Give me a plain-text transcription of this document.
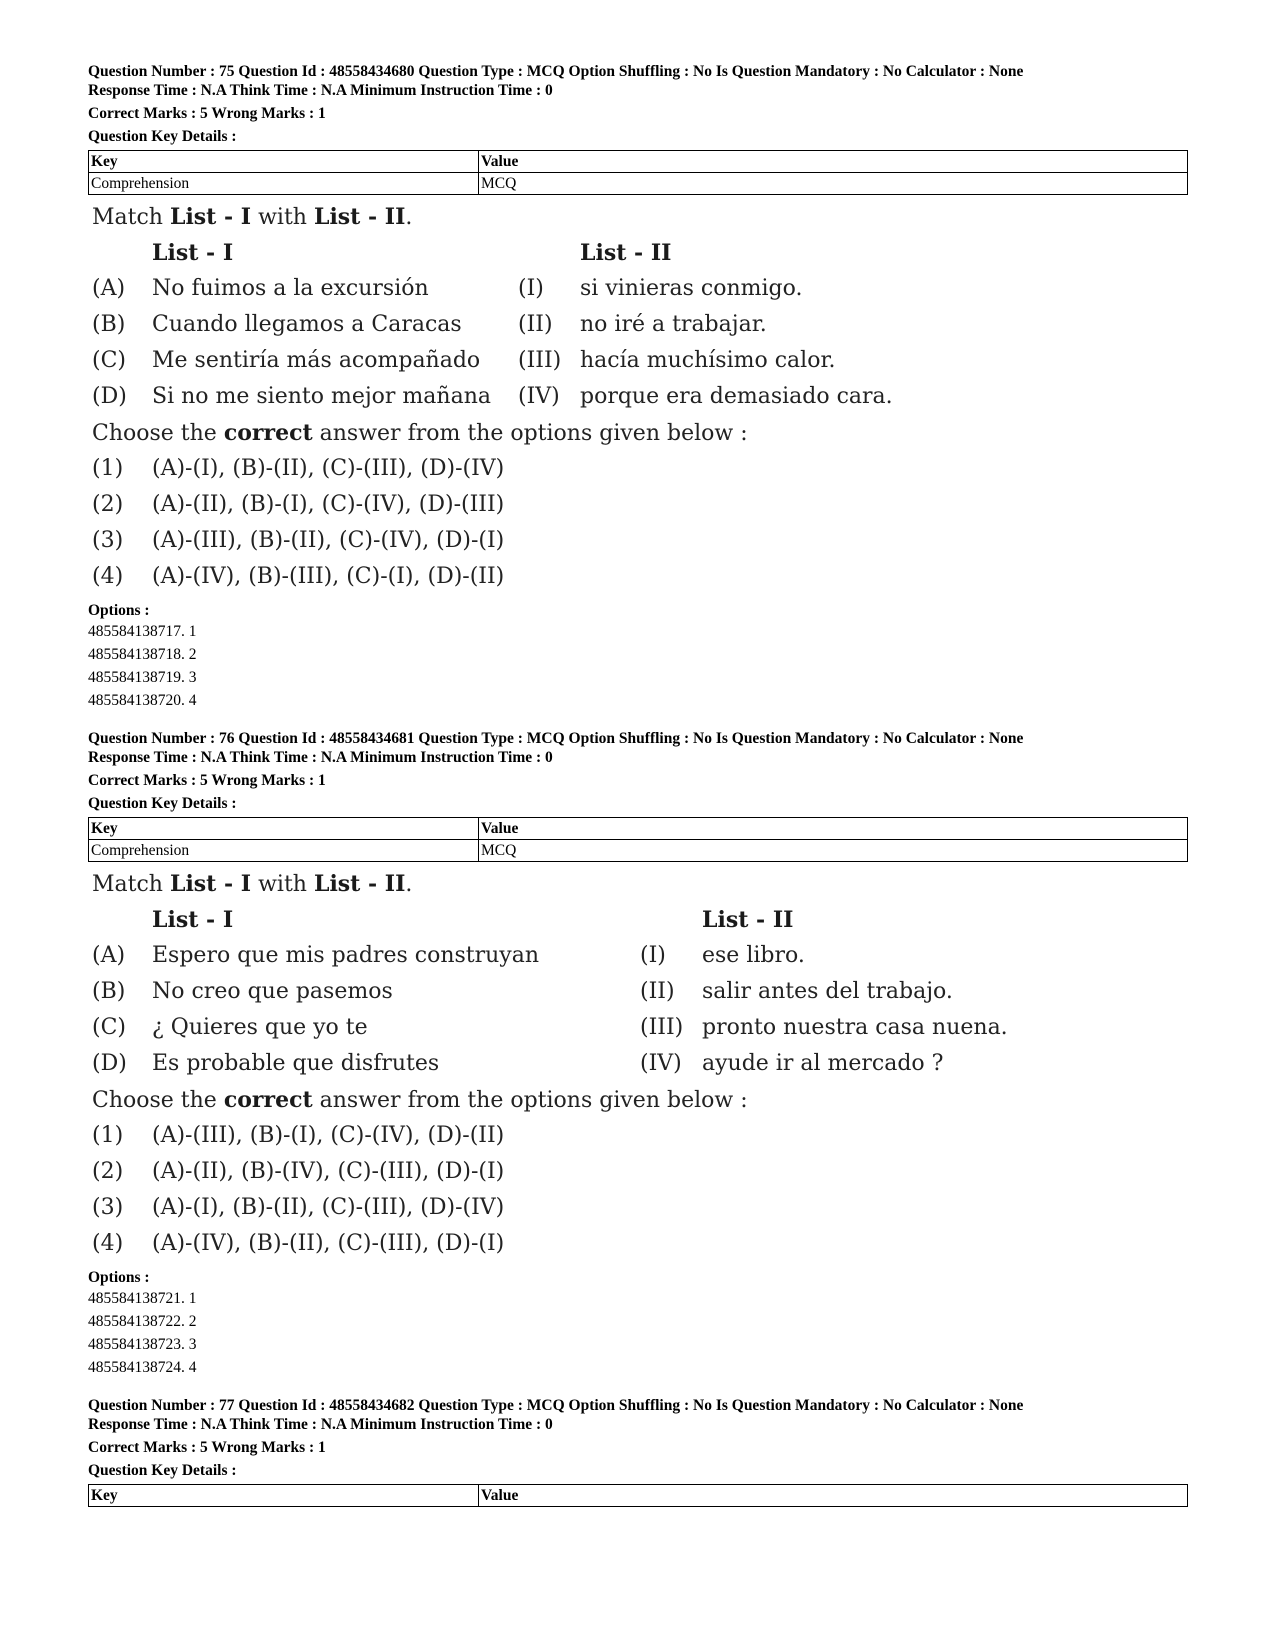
Question Number : 75 Question Id : 48558434680 Question Type : MCQ Option Shuffling : No Is Question Mandatory : No Calculator : None

Response Time : N.A Think Time : N.A Minimum Instruction Time : 0

Correct Marks : 5 Wrong Marks : 1

Question Key Details :

Key	Value
Comprehension	MCQ
Match List - I with List - II.
List - I	List - II
(A) No fuimos a la excursión	(I) si vinieras conmigo.
(B) Cuando llegamos a Caracas	(II) no iré a trabajar.
(C) Me sentiría más acompañado (III) hacía muchísimo calor.
(D) Si no me siento mejor mañana (IV) porque era demasiado cara.
Choose the correct answer from the options given below :
(1) (A)-(I), (B)-(II), (C)-(III), (D)-(IV)
(2) (A)-(II), (B)-(I), (C)-(IV), (D)-(III)
(3) (A)-(III), (B)-(II), (C)-(IV), (D)-(I)
(4) (A)-(IV), (B)-(III), (C)-(I), (D)-(II)
Options :
485584138717. 1
485584138718. 2
485584138719. 3
485584138720. 4

Question Number : 76 Question Id : 48558434681 Question Type : MCQ Option Shuffling : No Is Question Mandatory : No Calculator : None

Response Time : N.A Think Time : N.A Minimum Instruction Time : 0

Correct Marks : 5 Wrong Marks : 1

Question Key Details :

Key	Value
Comprehension	MCQ
Match List - I with List - II.
List - I	List - II
(A) Espero que mis padres construyan	(I) ese libro.
(B) No creo que pasemos	(II) salir antes del trabajo.
(C) ¿ Quieres que yo te	(III) pronto nuestra casa nuena.
(D) Es probable que disfrutes	(IV) ayude ir al mercado ?
Choose the correct answer from the options given below :
(1) (A)-(III), (B)-(I), (C)-(IV), (D)-(II)
(2) (A)-(II), (B)-(IV), (C)-(III), (D)-(I)
(3) (A)-(I), (B)-(II), (C)-(III), (D)-(IV)
(4) (A)-(IV), (B)-(II), (C)-(III), (D)-(I)
Options :
485584138721. 1
485584138722. 2
485584138723. 3
485584138724. 4

Question Number : 77 Question Id : 48558434682 Question Type : MCQ Option Shuffling : No Is Question Mandatory : No Calculator : None

Response Time : N.A Think Time : N.A Minimum Instruction Time : 0

Correct Marks : 5 Wrong Marks : 1

Question Key Details :

Key	Value
